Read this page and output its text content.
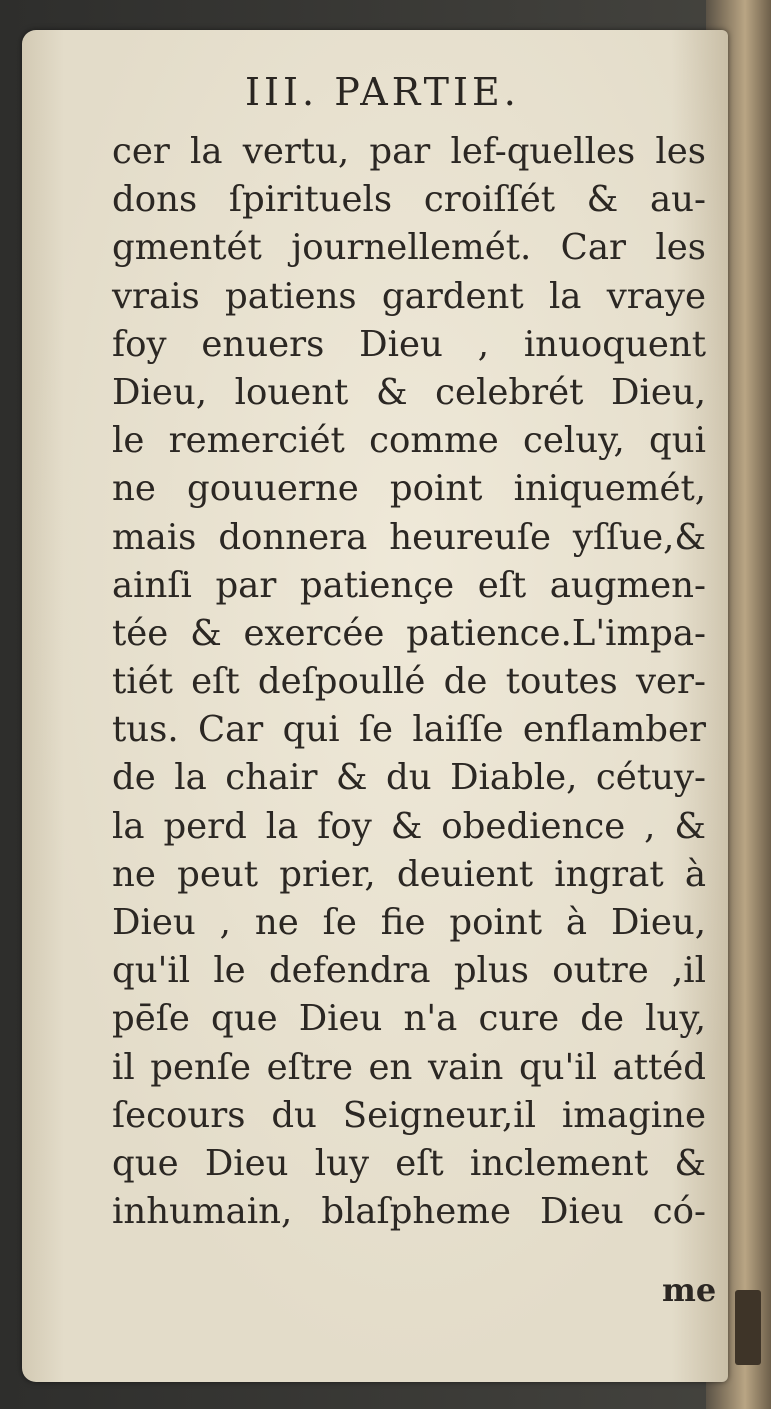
III. PARTIE.
cer la vertu, par lef-quelles les
dons ſpirituels croiſſét & au-
gmentét journellemét. Car les
vrais patiens gardent la vraye
foy enuers Dieu , inuoquent
Dieu, louent & celebrét Dieu,
le remerciét comme celuy, qui
ne gouuerne point iniquemét,
mais donnera heureuſe yſſue,&
ainſi par patiençe eſt augmen-
tée & exercée patience.L'impa-
tiét eſt deſpoullé de toutes ver-
tus. Car qui ſe laiſſe enflamber
de la chair & du Diable, cétuy-
la perd la foy & obedience , &
ne peut prier, deuient ingrat à
Dieu , ne ſe fie point à Dieu,
qu'il le defendra plus outre ,il
pēſe que Dieu n'a cure de luy,
il penſe eſtre en vain qu'il attéd
ſecours du Seigneur,il imagine
que Dieu luy eſt inclement &
inhumain, blaſpheme Dieu có-
me
